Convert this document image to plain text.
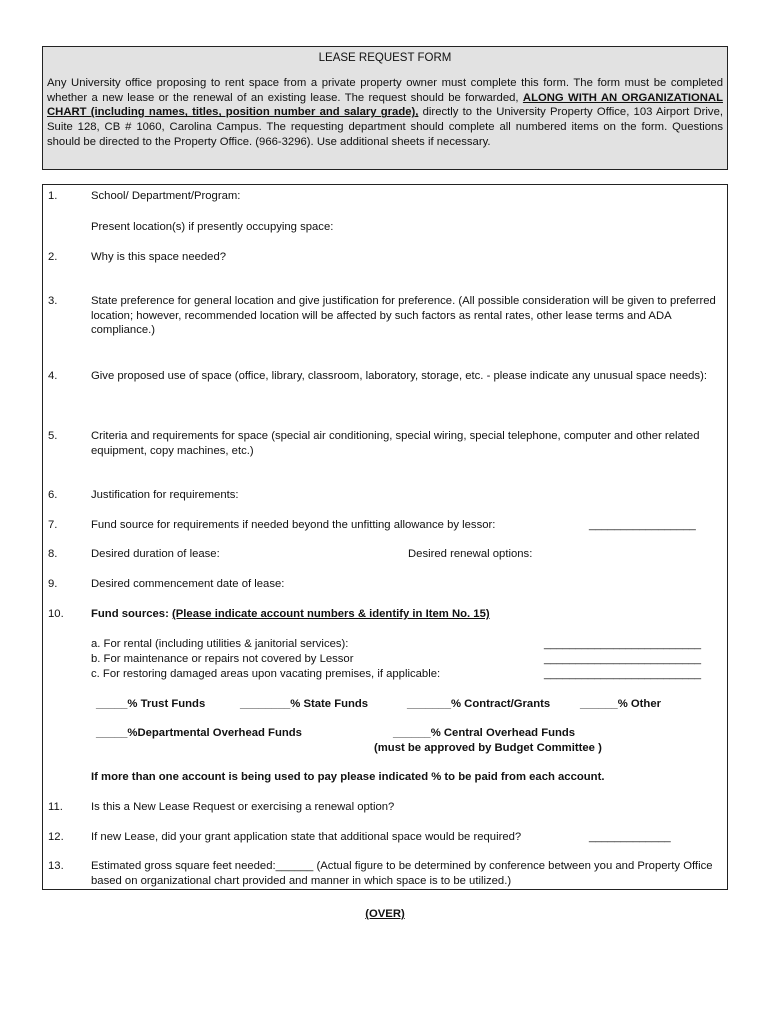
LEASE REQUEST FORM
Any University office proposing to rent space from a private property owner must complete this form. The form must be completed whether a new lease or the renewal of an existing lease. The request should be forwarded, ALONG WITH AN ORGANIZATIONAL CHART (including names, titles, position number and salary grade), directly to the University Property Office, 103 Airport Drive, Suite 128, CB # 1060, Carolina Campus. The requesting department should complete all numbered items on the form. Questions should be directed to the Property Office. (966-3296). Use additional sheets if necessary.
1.	School/ Department/Program:
Present location(s) if presently occupying space:
2.	Why is this space needed?
3.	State preference for general location and give justification for preference. (All possible consideration will be given to preferred location; however, recommended location will be affected by such factors as rental rates, other lease terms and ADA compliance.)
4.	Give proposed use of space (office, library, classroom, laboratory, storage, etc. - please indicate any unusual space needs):
5.	Criteria and requirements for space (special air conditioning, special wiring, special telephone, computer and other related equipment, copy machines, etc.)
6.	Justification for requirements:
7.	Fund source for requirements if needed beyond the unfitting allowance by lessor:	_________________
8.	Desired duration of lease:	Desired renewal options:
9.	Desired commencement date of lease:
10. Fund sources: (Please indicate account numbers & identify in Item No. 15)
a. For rental (including utilities & janitorial services):	_________________________
b. For maintenance or repairs not covered by Lessor	_________________________
c. For restoring damaged areas upon vacating premises, if applicable:	_________________________
_____% Trust Funds	________% State Funds	_______% Contract/Grants	______% Other
_____%Departmental Overhead Funds	______% Central Overhead Funds
(must be approved by Budget Committee )
If more than one account is being used to pay please indicated % to be paid from each account.
11. Is this a New Lease Request or exercising a renewal option?
12. If new Lease, did your grant application state that additional space would be required?	_____________
13. Estimated gross square feet needed:______ (Actual figure to be determined by conference between you and Property Office based on organizational chart provided and manner in which space is to be utilized.)
(OVER)
